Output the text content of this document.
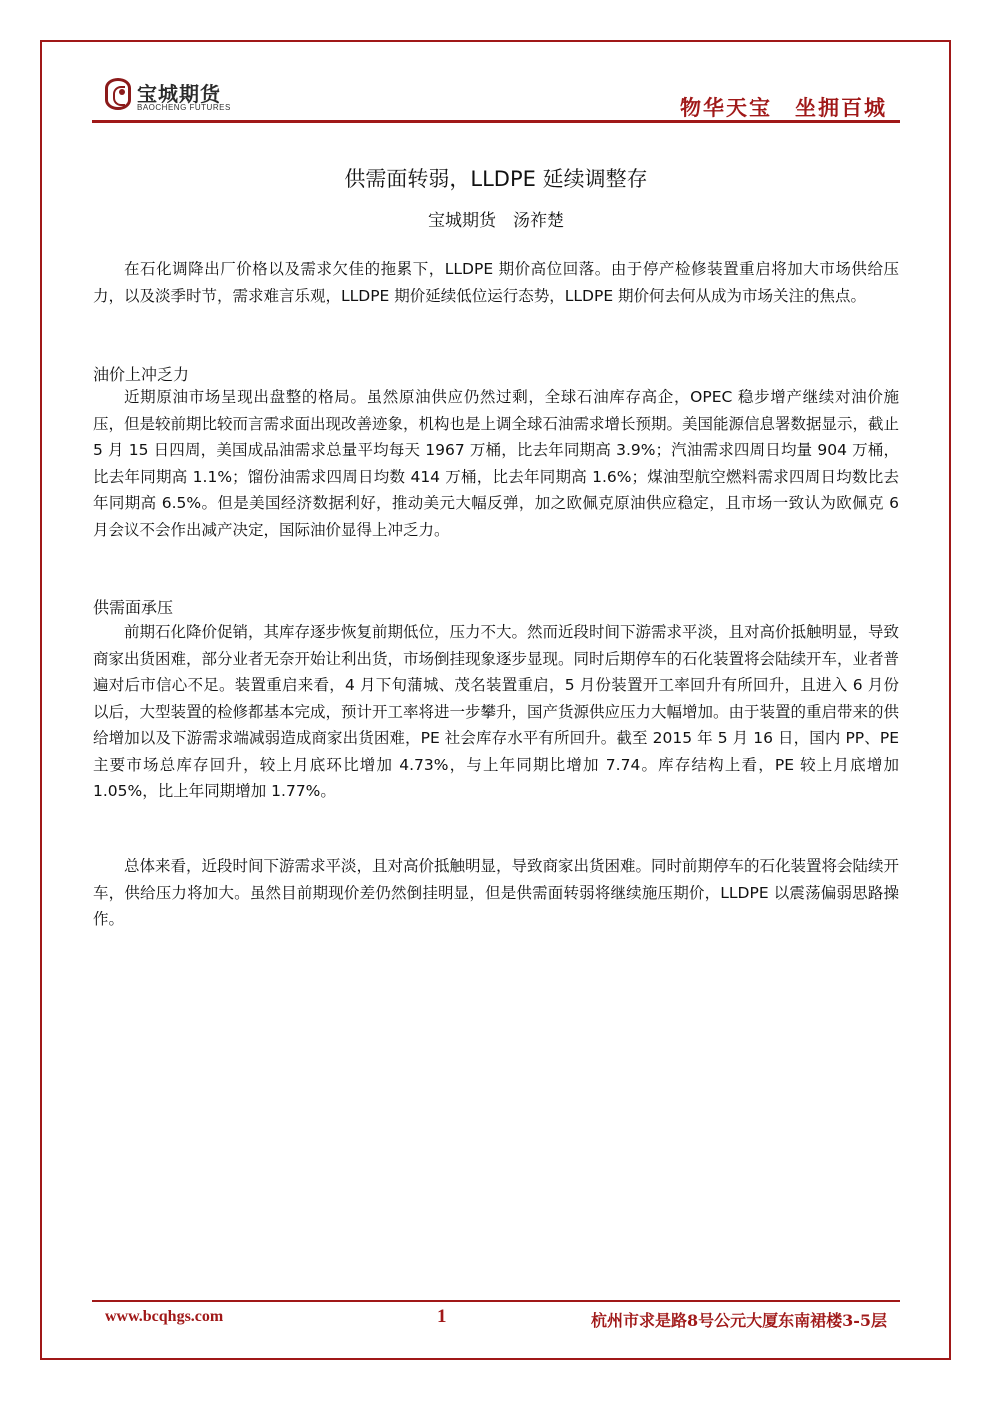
宝城期货
BAOCHENG FUTURES	物华天宝　坐拥百城
供需面转弱，LLDPE 延续调整存
宝城期货　汤祚楚

在石化调降出厂价格以及需求欠佳的拖累下，LLDPE 期价高位回落。由于停产检修装置重启将加大市场供给压力，以及淡季时节，需求难言乐观，LLDPE 期价延续低位运行态势，LLDPE 期价何去何从成为市场关注的焦点。

油价上冲乏力

近期原油市场呈现出盘整的格局。虽然原油供应仍然过剩，全球石油库存高企，OPEC 稳步增产继续对油价施压，但是较前期比较而言需求面出现改善迹象，机构也是上调全球石油需求增长预期。美国能源信息署数据显示，截止 5 月 15 日四周，美国成品油需求总量平均每天 1967 万桶，比去年同期高 3.9%；汽油需求四周日均量 904 万桶，比去年同期高 1.1%；馏份油需求四周日均数 414 万桶，比去年同期高 1.6%；煤油型航空燃料需求四周日均数比去年同期高 6.5%。但是美国经济数据利好，推动美元大幅反弹，加之欧佩克原油供应稳定，且市场一致认为欧佩克 6 月会议不会作出减产决定，国际油价显得上冲乏力。

供需面承压

前期石化降价促销，其库存逐步恢复前期低位，压力不大。然而近段时间下游需求平淡，且对高价抵触明显，导致商家出货困难，部分业者无奈开始让利出货，市场倒挂现象逐步显现。同时后期停车的石化装置将会陆续开车，业者普遍对后市信心不足。装置重启来看，4 月下旬蒲城、茂名装置重启，5 月份装置开工率回升有所回升，且进入 6 月份以后，大型装置的检修都基本完成，预计开工率将进一步攀升，国产货源供应压力大幅增加。由于装置的重启带来的供给增加以及下游需求端减弱造成商家出货困难，PE 社会库存水平有所回升。截至 2015 年 5 月 16 日，国内 PP、PE 主要市场总库存回升，较上月底环比增加 4.73%，与上年同期比增加 7.74。库存结构上看，PE 较上月底增加 1.05%，比上年同期增加 1.77%。

总体来看，近段时间下游需求平淡，且对高价抵触明显，导致商家出货困难。同时前期停车的石化装置将会陆续开车，供给压力将加大。虽然目前期现价差仍然倒挂明显，但是供需面转弱将继续施压期价，LLDPE 以震荡偏弱思路操作。

www.bcqhgs.com	1	杭州市求是路8号公元大厦东南裙楼3-5层
